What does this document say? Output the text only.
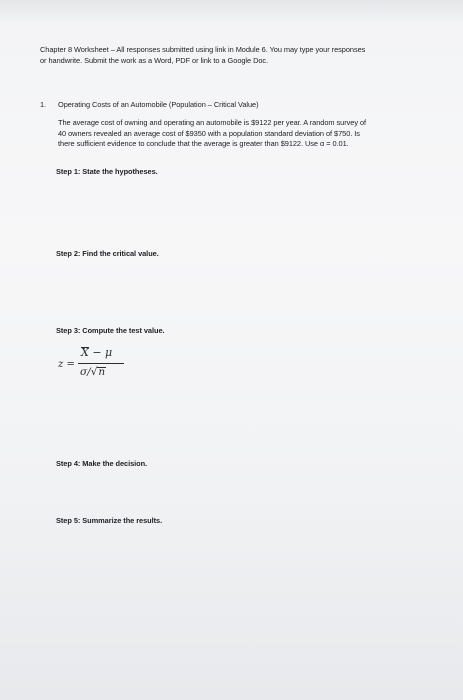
Chapter 8 Worksheet – All responses submitted using link in Module 6. You may type your responses
or handwrite. Submit the work as a Word, PDF or link to a Google Doc.
1. Operating Costs of an Automobile (Population – Critical Value)
The average cost of owning and operating an automobile is $9122 per year. A random survey of
40 owners revealed an average cost of $9350 with a population standard deviation of $750. Is
there sufficient evidence to conclude that the average is greater than $9122. Use α = 0.01.
Step 1: State the hypotheses.
Step 2: Find the critical value.
Step 3: Compute the test value.
z =
X − μ
σ/√n
Step 4: Make the decision.
Step 5: Summarize the results.
